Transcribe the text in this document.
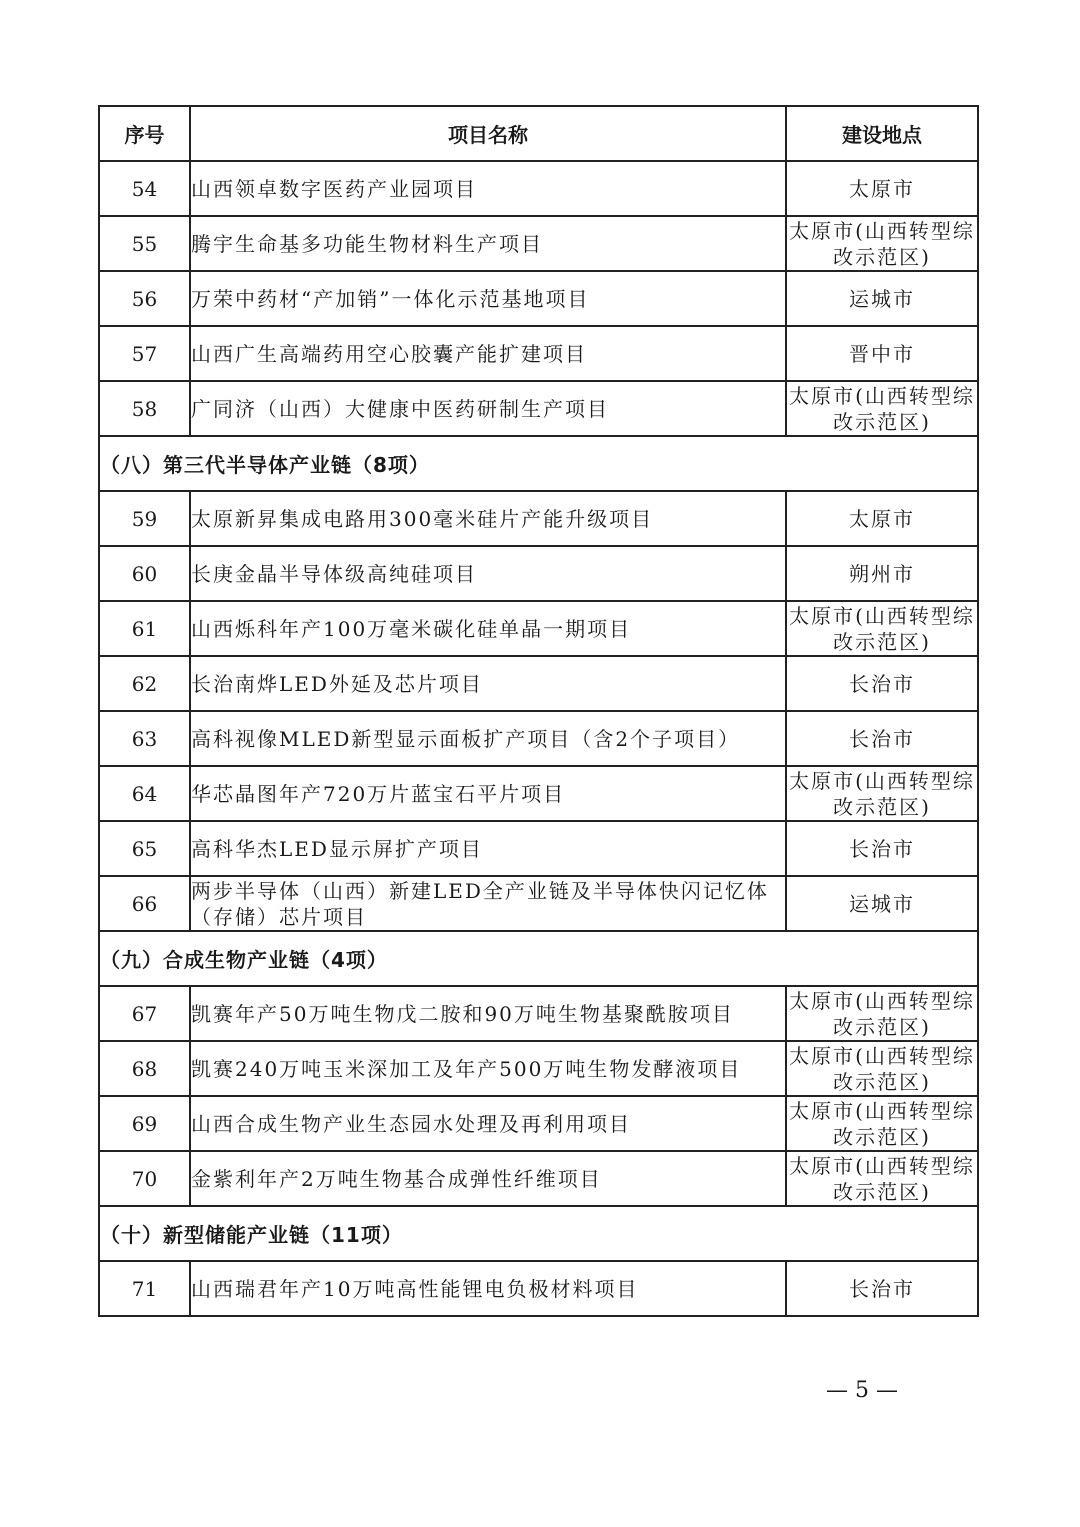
序号	项目名称	建设地点
54	山西领卓数字医药产业园项目	太原市
55	腾宇生命基多功能生物材料生产项目	太原市(山西转型综改示范区)
56	万荣中药材“产加销”一体化示范基地项目	运城市
57	山西广生高端药用空心胶囊产能扩建项目	晋中市
58	广同济（山西）大健康中医药研制生产项目	太原市(山西转型综改示范区)
（八）第三代半导体产业链（8项）		
59	太原新昇集成电路用300毫米硅片产能升级项目	太原市
60	长庚金晶半导体级高纯硅项目	朔州市
61	山西烁科年产100万毫米碳化硅单晶一期项目	太原市(山西转型综改示范区)
62	长治南烨LED外延及芯片项目	长治市
63	高科视像MLED新型显示面板扩产项目（含2个子项目）	长治市
64	华芯晶图年产720万片蓝宝石平片项目	太原市(山西转型综改示范区)
65	高科华杰LED显示屏扩产项目	长治市
66	两步半导体（山西）新建LED全产业链及半导体快闪记忆体（存储）芯片项目	运城市
（九）合成生物产业链（4项）		
67	凯赛年产50万吨生物戊二胺和90万吨生物基聚酰胺项目	太原市(山西转型综改示范区)
68	凯赛240万吨玉米深加工及年产500万吨生物发酵液项目	太原市(山西转型综改示范区)
69	山西合成生物产业生态园水处理及再利用项目	太原市(山西转型综改示范区)
70	金紫利年产2万吨生物基合成弹性纤维项目	太原市(山西转型综改示范区)
（十）新型储能产业链（11项）		
71	山西瑞君年产10万吨高性能锂电负极材料项目	长治市
— 5 —
